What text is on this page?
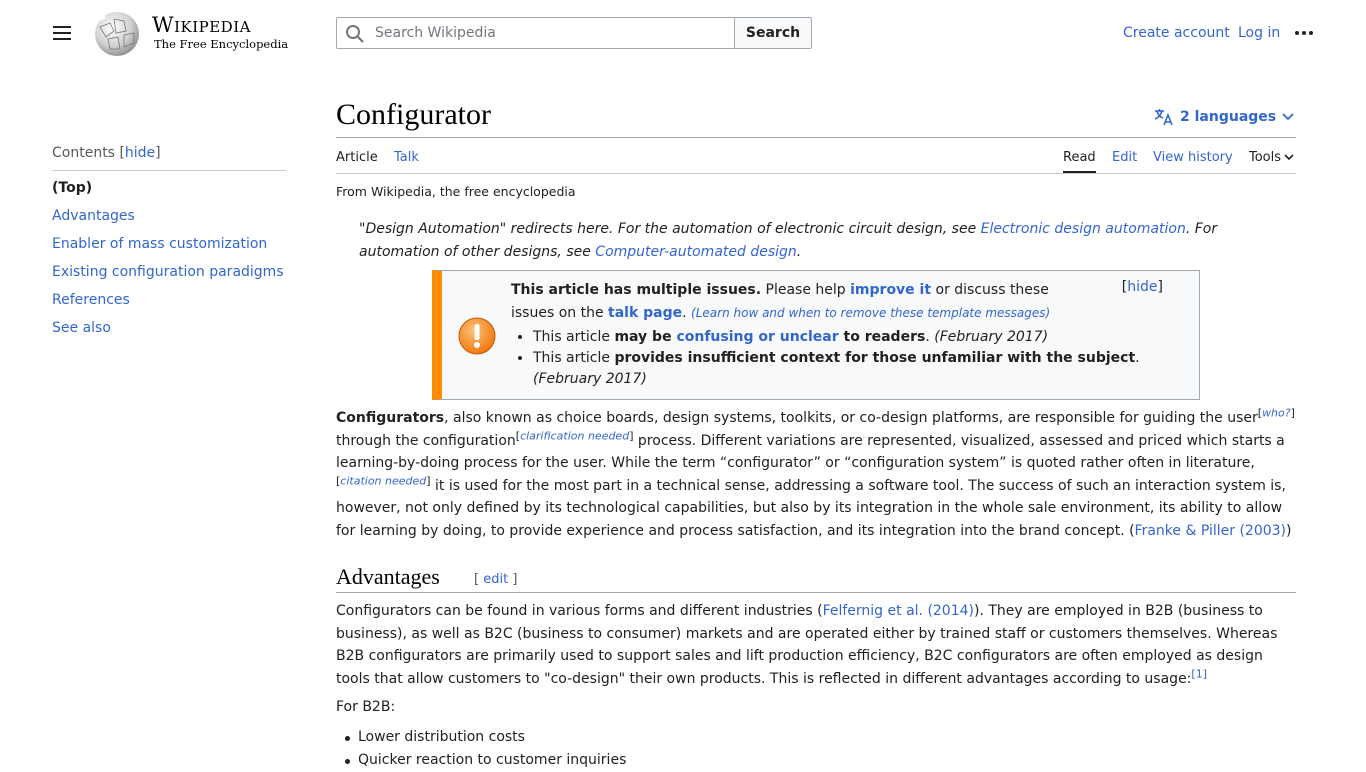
Wikipedia
The Free Encyclopedia
Search Wikipedia
Search	Create account Log in
Contents [hide]
(Top)
Advantages
Enabler of mass customization
Existing configuration paradigms
References
See also
Configurator	2 languages
Article Talk	Read Edit View history Tools
From Wikipedia, the free encyclopedia
"Design Automation" redirects here. For the automation of electronic circuit design, see Electronic design automation. For automation of other designs, see Computer-automated design.
This article has multiple issues. Please help improve it or discuss these issues on the talk page. (Learn how and when to remove these template messages)
• This article may be confusing or unclear to readers. (February 2017)
• This article provides insufficient context for those unfamiliar with the subject. (February 2017)
[hide]
Configurators, also known as choice boards, design systems, toolkits, or co-design platforms, are responsible for guiding the user[who?] through the configuration[clarification needed] process. Different variations are represented, visualized, assessed and priced which starts a learning-by-doing process for the user. While the term “configurator” or “configuration system” is quoted rather often in literature, [citation needed] it is used for the most part in a technical sense, addressing a software tool. The success of such an interaction system is, however, not only defined by its technological capabilities, but also by its integration in the whole sale environment, its ability to allow for learning by doing, to provide experience and process satisfaction, and its integration into the brand concept. (Franke & Piller (2003))
Advantages	[ edit ]
Configurators can be found in various forms and different industries (Felfernig et al. (2014)). They are employed in B2B (business to business), as well as B2C (business to consumer) markets and are operated either by trained staff or customers themselves. Whereas B2B configurators are primarily used to support sales and lift production efficiency, B2C configurators are often employed as design tools that allow customers to "co-design" their own products. This is reflected in different advantages according to usage:[1]
For B2B:
Lower distribution costs
Quicker reaction to customer inquiries
